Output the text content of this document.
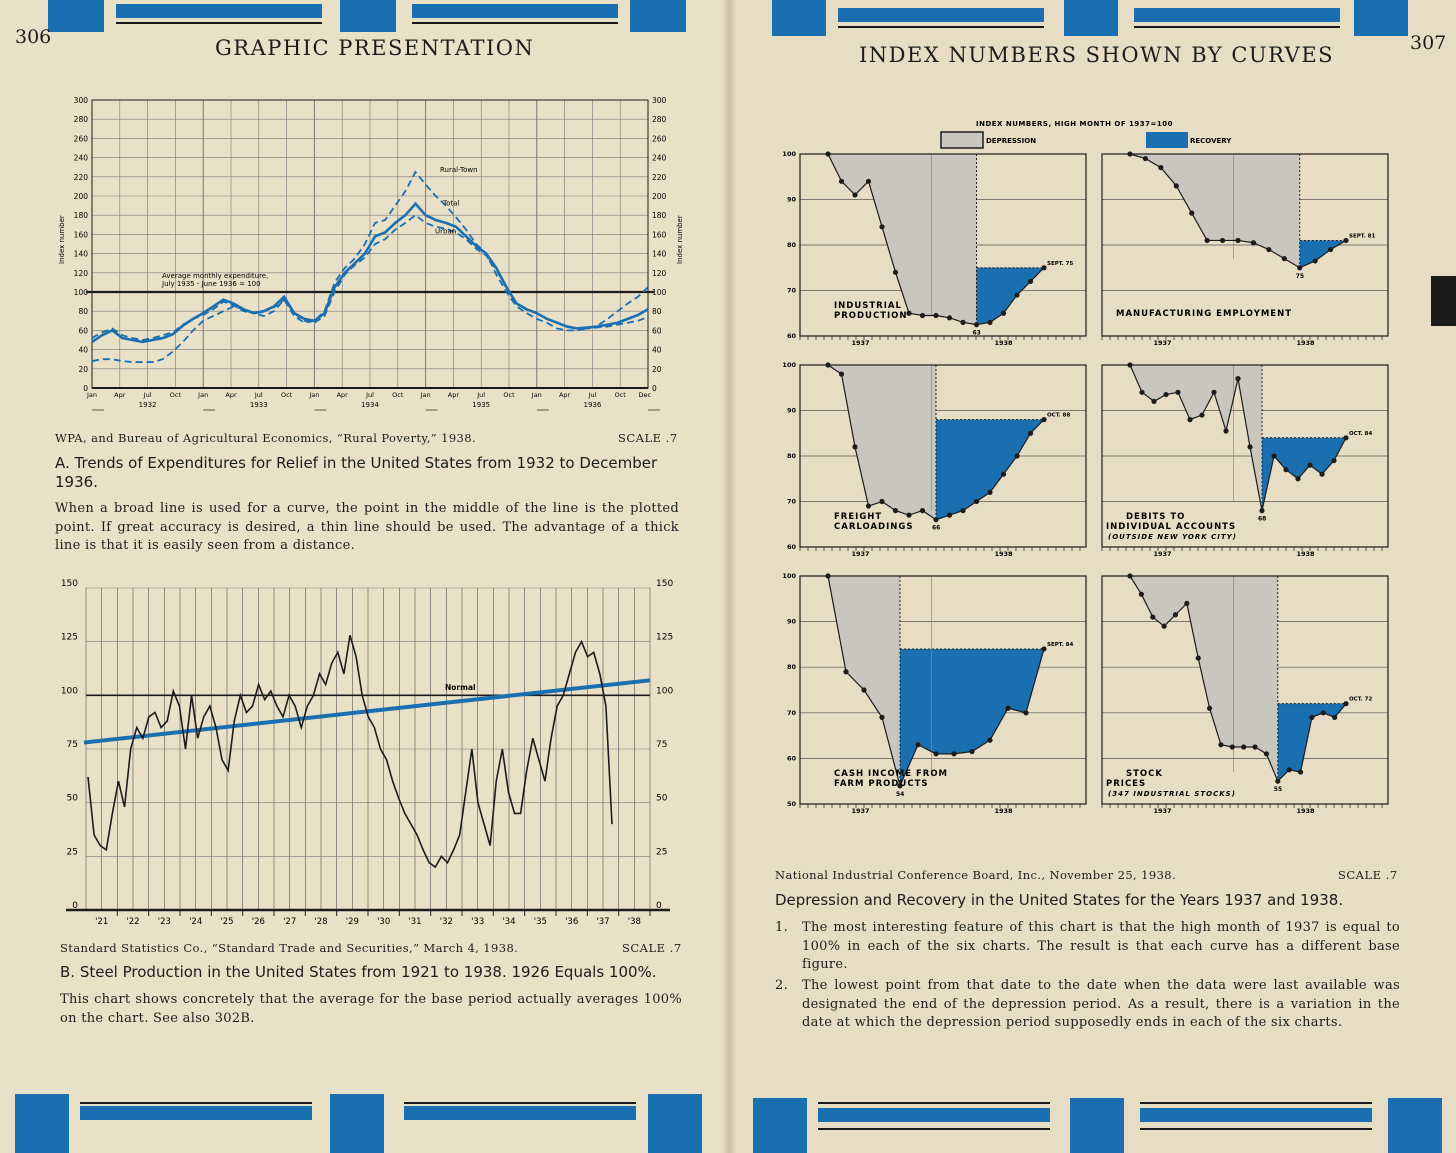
306	GRAPHIC PRESENTATION
0	0
20	20
40	40
60	60
80	80
100	100
120	120
140	140
160	160
180	180
200	200
220	220
240	240
260	260
280	280
300	300
Average monthly expenditure,
July 1935 - June 1936 = 100
Index number	Index number
Jan	Apr	Jul	Oct	Jan	Apr	Jul	Oct	Jan	Apr	Jul	Oct	Jan	Apr	Jul	Oct	Jan	Apr	Jul	Oct Dec
1932	1933	1934	1935	1936
Rural-Town
Total
Urban
WPA, and Bureau of Agricultural Economics, “Rural Poverty,” 1938.	SCALE .7
A. Trends of Expenditures for Relief in the United States from 1932 to December 1936.
When a broad line is used for a curve, the point in the middle of the line is the plotted point. If great accuracy is desired, a thin line should be used. The advantage of a thick line is that it is easily seen from a distance.
0	0
25	25
50	50
75	75
100	100
125	125
150	150
'21 '22 '23 '24 '25 '26 '27 '28 '29 '30 '31 '32 '33 '34 '35 '36 '37 '38
Normal
Standard Statistics Co., “Standard Trade and Securities,” March 4, 1938.	SCALE .7
B. Steel Production in the United States from 1921 to 1938. 1926 Equals 100%.
This chart shows concretely that the average for the base period actually averages 100% on the chart. See also 302B.
307
INDEX NUMBERS SHOWN BY CURVES
INDEX NUMBERS, HIGH MONTH OF 1937=100
DEPRESSION	RECOVERY
100
90
80
70
60
1937	1938
63
SEPT. 75
INDUSTRIAL
PRODUCTION
1937	1938
75
SEPT. 81
MANUFACTURING EMPLOYMENT
100
90
80
70
60
1937	1938
66
OCT. 88
FREIGHT
CARLOADINGS
1937	1938
68
OCT. 84
DEBITS TO
INDIVIDUAL ACCOUNTS
(OUTSIDE NEW YORK CITY)
100
90
80
70
60
50
1937	1938
54
SEPT. 84
CASH INCOME FROM
FARM PRODUCTS
1937	1938
55
OCT. 72
STOCK
PRICES
(347 INDUSTRIAL STOCKS)
National Industrial Conference Board, Inc., November 25, 1938.	SCALE .7
Depression and Recovery in the United States for the Years 1937 and 1938.
1. The most interesting feature of this chart is that the high month of 1937 is equal to 100% in each of the six charts. The result is that each curve has a different base figure.
2. The lowest point from that date to the date when the data were last available was designated the end of the depression period. As a result, there is a variation in the date at which the depression period supposedly ends in each of the six charts.
